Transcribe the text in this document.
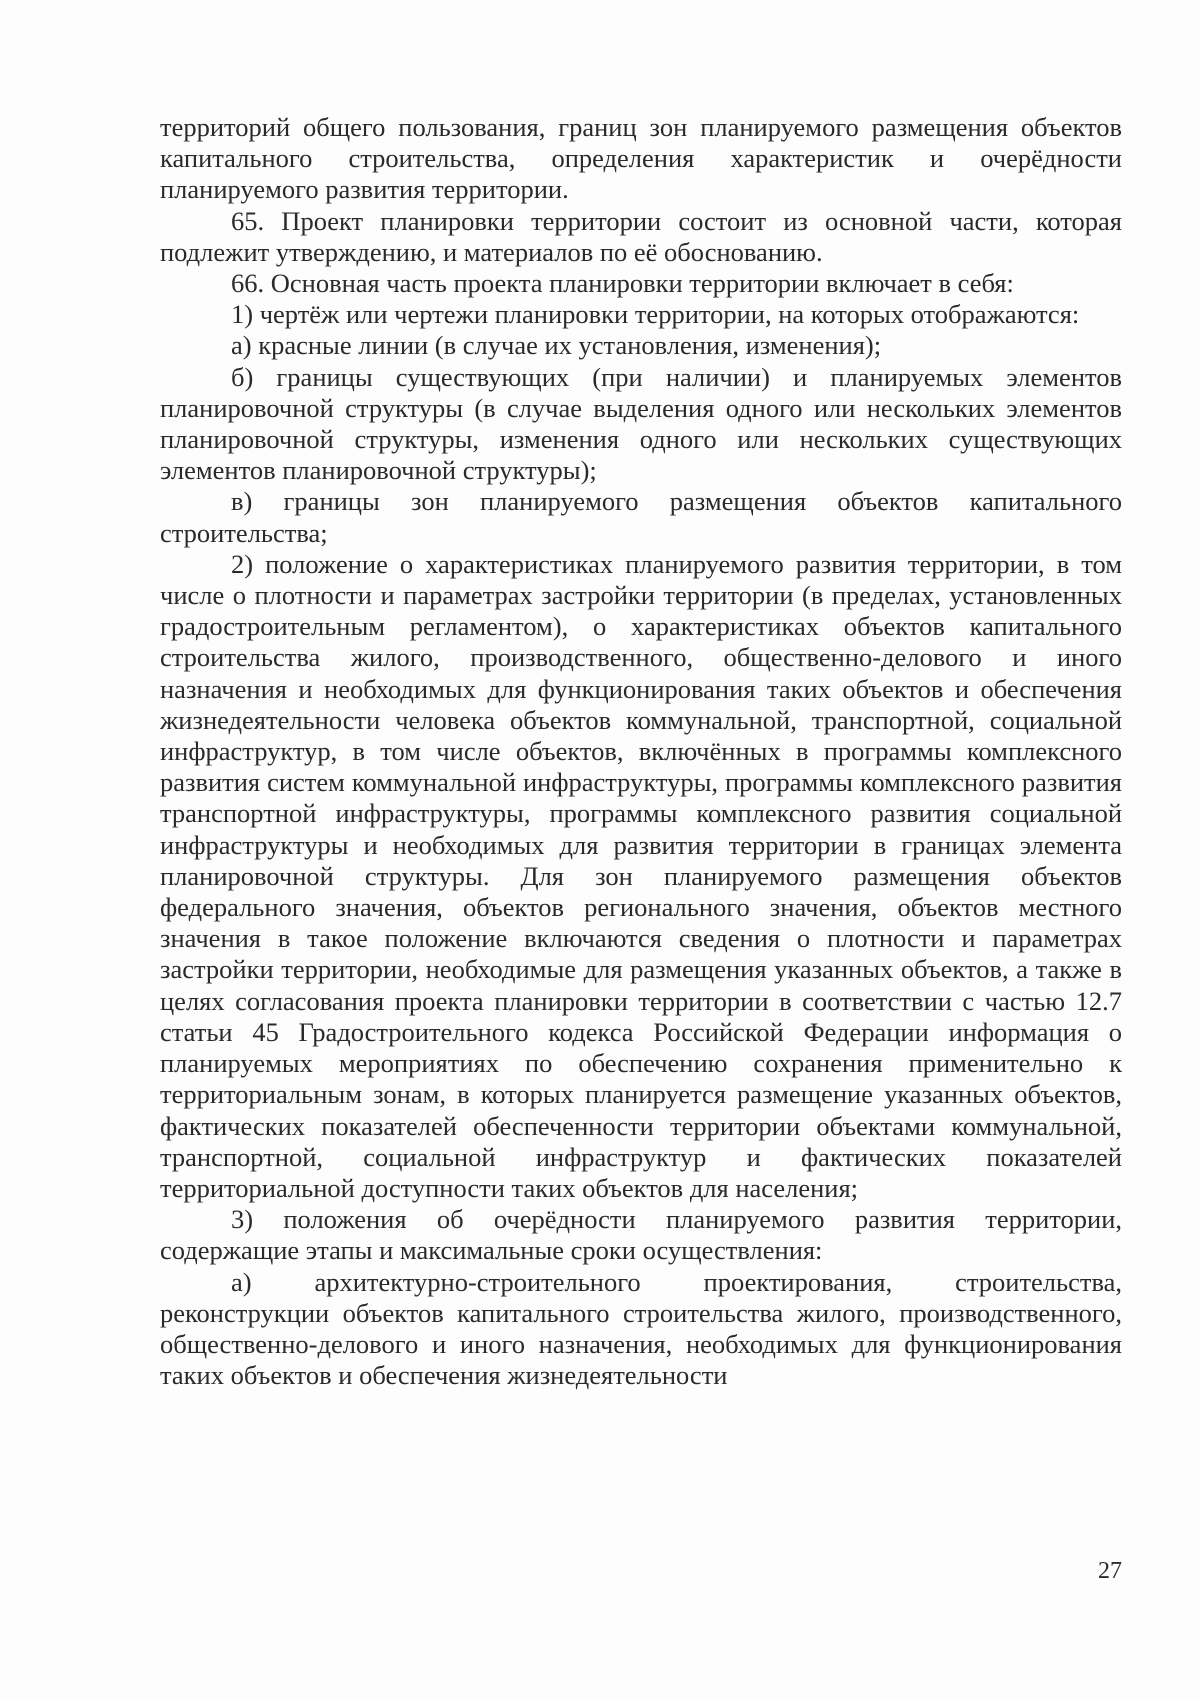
территорий общего пользования, границ зон планируемого размещения объектов капитального строительства, определения характеристик и очерёдности планируемого развития территории.

65. Проект планировки территории состоит из основной части, которая подлежит утверждению, и материалов по её обоснованию.

66. Основная часть проекта планировки территории включает в себя:

1) чертёж или чертежи планировки территории, на которых отображаются:

а) красные линии (в случае их установления, изменения);

б) границы существующих (при наличии) и планируемых элементов планировочной структуры (в случае выделения одного или нескольких элементов планировочной структуры, изменения одного или нескольких существующих элементов планировочной структуры);

в) границы зон планируемого размещения объектов капитального строительства;

2) положение о характеристиках планируемого развития территории, в том числе о плотности и параметрах застройки территории (в пределах, установленных градостроительным регламентом), о характеристиках объектов капитального строительства жилого, производственного, общественно-делового и иного назначения и необходимых для функционирования таких объектов и обеспечения жизнедеятельности человека объектов коммунальной, транспортной, социальной инфраструктур, в том числе объектов, включённых в программы комплексного развития систем коммунальной инфраструктуры, программы комплексного развития транспортной инфраструктуры, программы комплексного развития социальной инфраструктуры и необходимых для развития территории в границах элемента планировочной структуры. Для зон планируемого размещения объектов федерального значения, объектов регионального значения, объектов местного значения в такое положение включаются сведения о плотности и параметрах застройки территории, необходимые для размещения указанных объектов, а также в целях согласования проекта планировки территории в соответствии с частью 12.7 статьи 45 Градостроительного кодекса Российской Федерации информация о планируемых мероприятиях по обеспечению сохранения применительно к территориальным зонам, в которых планируется размещение указанных объектов, фактических показателей обеспеченности территории объектами коммунальной, транспортной, социальной инфраструктур и фактических показателей территориальной доступности таких объектов для населения;

3) положения об очерёдности планируемого развития территории, содержащие этапы и максимальные сроки осуществления:

а) архитектурно-строительного проектирования, строительства, реконструкции объектов капитального строительства жилого, производственного, общественно-делового и иного назначения, необходимых для функционирования таких объектов и обеспечения жизнедеятельности

27
